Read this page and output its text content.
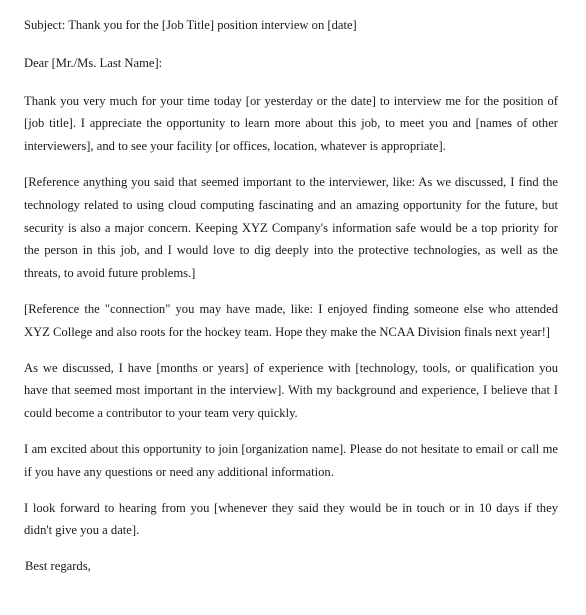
Subject: Thank you for the [Job Title] position interview on [date]

Dear [Mr./Ms. Last Name]:

Thank you very much for your time today [or yesterday or the date] to interview me for the position of [job title]. I appreciate the opportunity to learn more about this job, to meet you and [names of other interviewers], and to see your facility [or offices, location, whatever is appropriate].

[Reference anything you said that seemed important to the interviewer, like: As we discussed, I find the technology related to using cloud computing fascinating and an amazing opportunity for the future, but security is also a major concern. Keeping XYZ Company's information safe would be a top priority for the person in this job, and I would love to dig deeply into the protective technologies, as well as the threats, to avoid future problems.]

[Reference the "connection" you may have made, like: I enjoyed finding someone else who attended XYZ College and also roots for the hockey team. Hope they make the NCAA Division finals next year!]

As we discussed, I have [months or years] of experience with [technology, tools, or qualification you have that seemed most important in the interview]. With my background and experience, I believe that I could become a contributor to your team very quickly.

I am excited about this opportunity to join [organization name]. Please do not hesitate to email or call me if you have any questions or need any additional information.

I look forward to hearing from you [whenever they said they would be in touch or in 10 days if they didn't give you a date].

Best regards,
